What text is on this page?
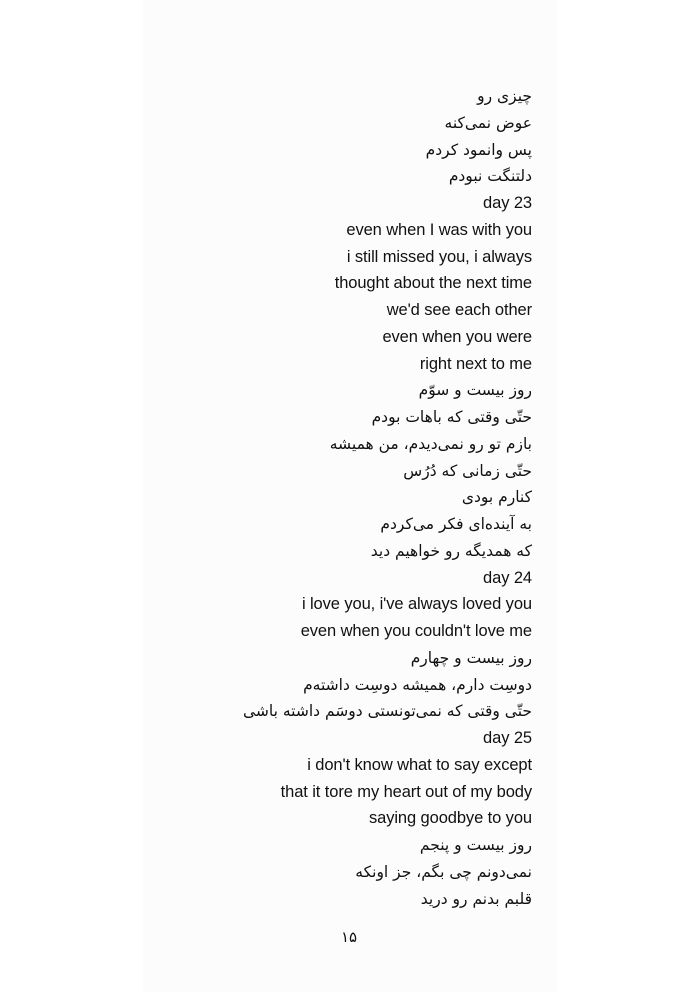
چیزی رو
عوض نمی‌کنه
پس وانمود کردم
دلتنگت نبودم
day 23
even when I was with you
i still missed you, i always
thought about the next time
we'd see each other
even when you were
right next to me
روز بیست و سوّم
حتّی وقتی که باهات بودم
بازم تو رو نمی‌دیدم، من همیشه
حتّی زمانی که دُرُس
کنارم بودی
به آینده‌ای فکر می‌کردم
که همدیگه رو خواهیم دید
day 24
i love you, i've always loved you
even when you couldn't love me
روز بیست و چهارم
دوسِت دارم، همیشه دوسِت داشته‌م
حتّی وقتی که نمی‌تونستی دوسَم داشته باشی
day 25
i don't know what to say except
that it tore my heart out of my body
saying goodbye to you
روز بیست و پنجم
نمی‌دونم چی بگم، جز اونکه
قلبم بدنم رو درید
۱۵
